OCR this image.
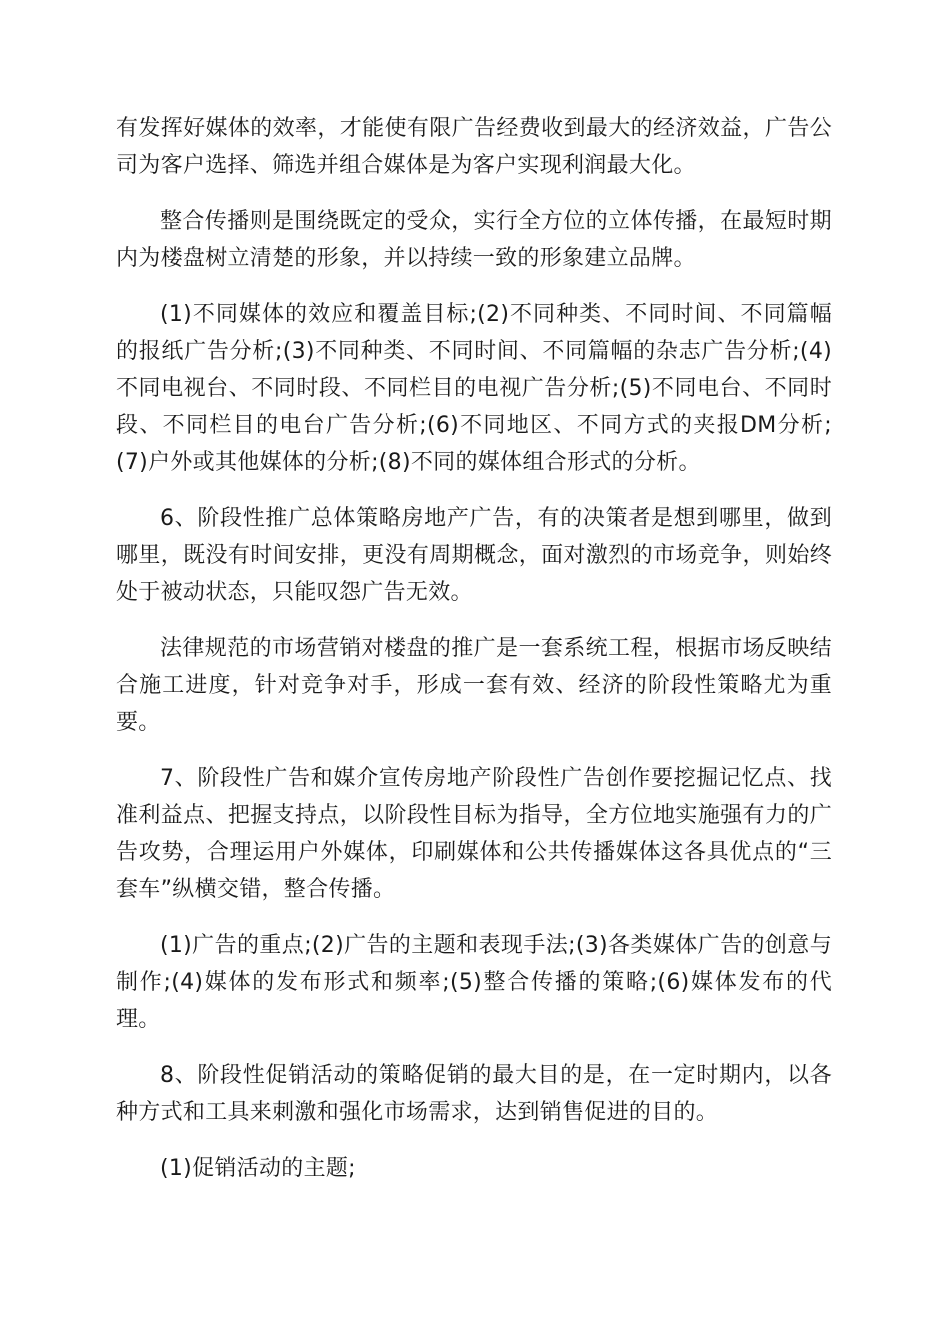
有发挥好媒体的效率，才能使有限广告经费收到最大的经济效益，广告公司为客户选择、筛选并组合媒体是为客户实现利润最大化。

整合传播则是围绕既定的受众，实行全方位的立体传播，在最短时期内为楼盘树立清楚的形象，并以持续一致的形象建立品牌。

(1)不同媒体的效应和覆盖目标;(2)不同种类、不同时间、不同篇幅的报纸广告分析;(3)不同种类、不同时间、不同篇幅的杂志广告分析;(4)不同电视台、不同时段、不同栏目的电视广告分析;(5)不同电台、不同时段、不同栏目的电台广告分析;(6)不同地区、不同方式的夹报DM分析;(7)户外或其他媒体的分析;(8)不同的媒体组合形式的分析。

6、阶段性推广总体策略房地产广告，有的决策者是想到哪里，做到哪里，既没有时间安排，更没有周期概念，面对激烈的市场竞争，则始终处于被动状态，只能叹怨广告无效。

法律规范的市场营销对楼盘的推广是一套系统工程，根据市场反映结合施工进度，针对竞争对手，形成一套有效、经济的阶段性策略尤为重要。

7、阶段性广告和媒介宣传房地产阶段性广告创作要挖掘记忆点、找准利益点、把握支持点，以阶段性目标为指导，全方位地实施强有力的广告攻势，合理运用户外媒体，印刷媒体和公共传播媒体这各具优点的“三套车”纵横交错，整合传播。

(1)广告的重点;(2)广告的主题和表现手法;(3)各类媒体广告的创意与制作;(4)媒体的发布形式和频率;(5)整合传播的策略;(6)媒体发布的代理。

8、阶段性促销活动的策略促销的最大目的是，在一定时期内，以各种方式和工具来刺激和强化市场需求，达到销售促进的目的。

(1)促销活动的主题;
